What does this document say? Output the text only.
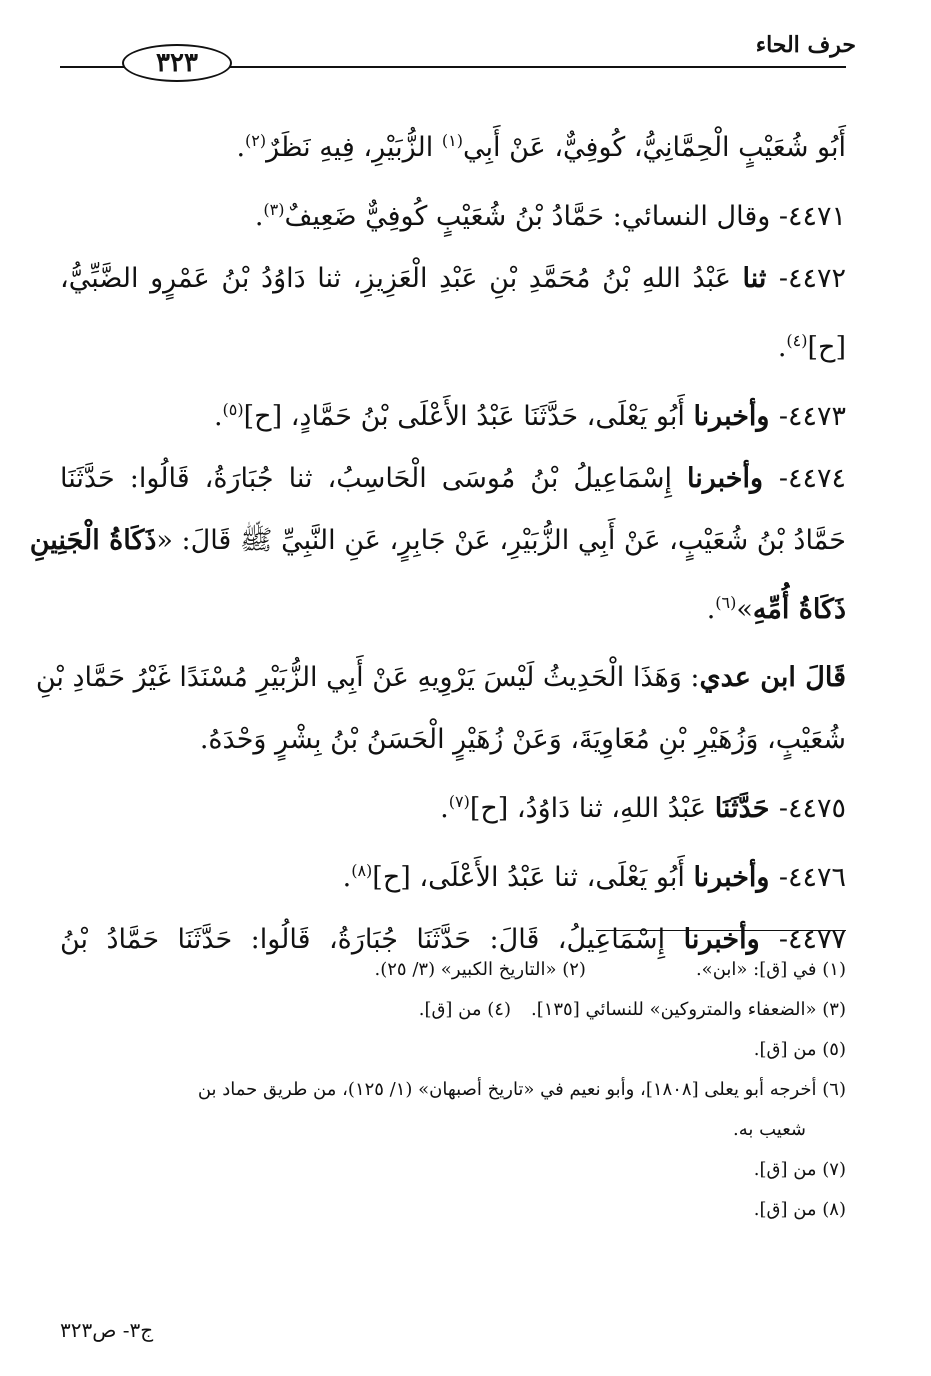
٣٢٣
حرف الحاء
أَبُو شُعَيْبٍ الْحِمَّانِيُّ، كُوفِيٌّ، عَنْ أَبِي$^{(١)}$ الزُّبَيْرِ، فِيهِ نَظَرٌ$^{(٢)}$.
٤٤٧١- وقال النسائي: حَمَّادُ بْنُ شُعَيْبٍ كُوفِيٌّ ضَعِيفٌ$^{(٣)}$.
٤٤٧٢- ثنا عَبْدُ اللهِ بْنُ مُحَمَّدِ بْنِ عَبْدِ الْعَزِيزِ، ثنا دَاوُدُ بْنُ عَمْرٍو الضَّبِّيُّ،
[ح]$^{(٤)}$.
٤٤٧٣- وأخبرنا أَبُو يَعْلَى، حَدَّثَنَا عَبْدُ الأَعْلَى بْنُ حَمَّادٍ، [ح]$^{(٥)}$.
٤٤٧٤- وأخبرنا إِسْمَاعِيلُ بْنُ مُوسَى الْحَاسِبُ، ثنا جُبَارَةُ، قَالُوا: حَدَّثَنَا
حَمَّادُ بْنُ شُعَيْبٍ، عَنْ أَبِي الزُّبَيْرِ، عَنْ جَابِرٍ، عَنِ النَّبِيِّ ﷺ قَالَ: «ذَكَاةُ الْجَنِينِ
ذَكَاةُ أُمِّهِ»$^{(٦)}$.
قَالَ ابن عدي: وَهَذَا الْحَدِيثُ لَيْسَ يَرْوِيهِ عَنْ أَبِي الزُّبَيْرِ مُسْنَدًا غَيْرُ حَمَّادِ بْنِ
شُعَيْبٍ، وَزُهَيْرِ بْنِ مُعَاوِيَةَ، وَعَنْ زُهَيْرٍ الْحَسَنُ بْنُ بِشْرٍ وَحْدَهُ.
٤٤٧٥- حَدَّثَنَا عَبْدُ اللهِ، ثنا دَاوُدُ، [ح]$^{(٧)}$.
٤٤٧٦- وأخبرنا أَبُو يَعْلَى، ثنا عَبْدُ الأَعْلَى، [ح]$^{(٨)}$.
٤٤٧٧- وأخبرنا إِسْمَاعِيلُ، قَالَ: حَدَّثَنَا جُبَارَةُ، قَالُوا: حَدَّثَنَا حَمَّادُ بْنُ
(١) في [ق]: «ابن».
(٢) «التاريخ الكبير» (٣/ ٢٥).
(٣) «الضعفاء والمتروكين» للنسائي [١٣٥].
(٤) من [ق].
(٥) من [ق].
(٦) أخرجه أبو يعلى [١٨٠٨]، وأبو نعيم في «تاريخ أصبهان» (١/ ١٢٥)، من طريق حماد بن
شعيب به.
(٧) من [ق].
(٨) من [ق].
ج٣- ص٣٢٣
